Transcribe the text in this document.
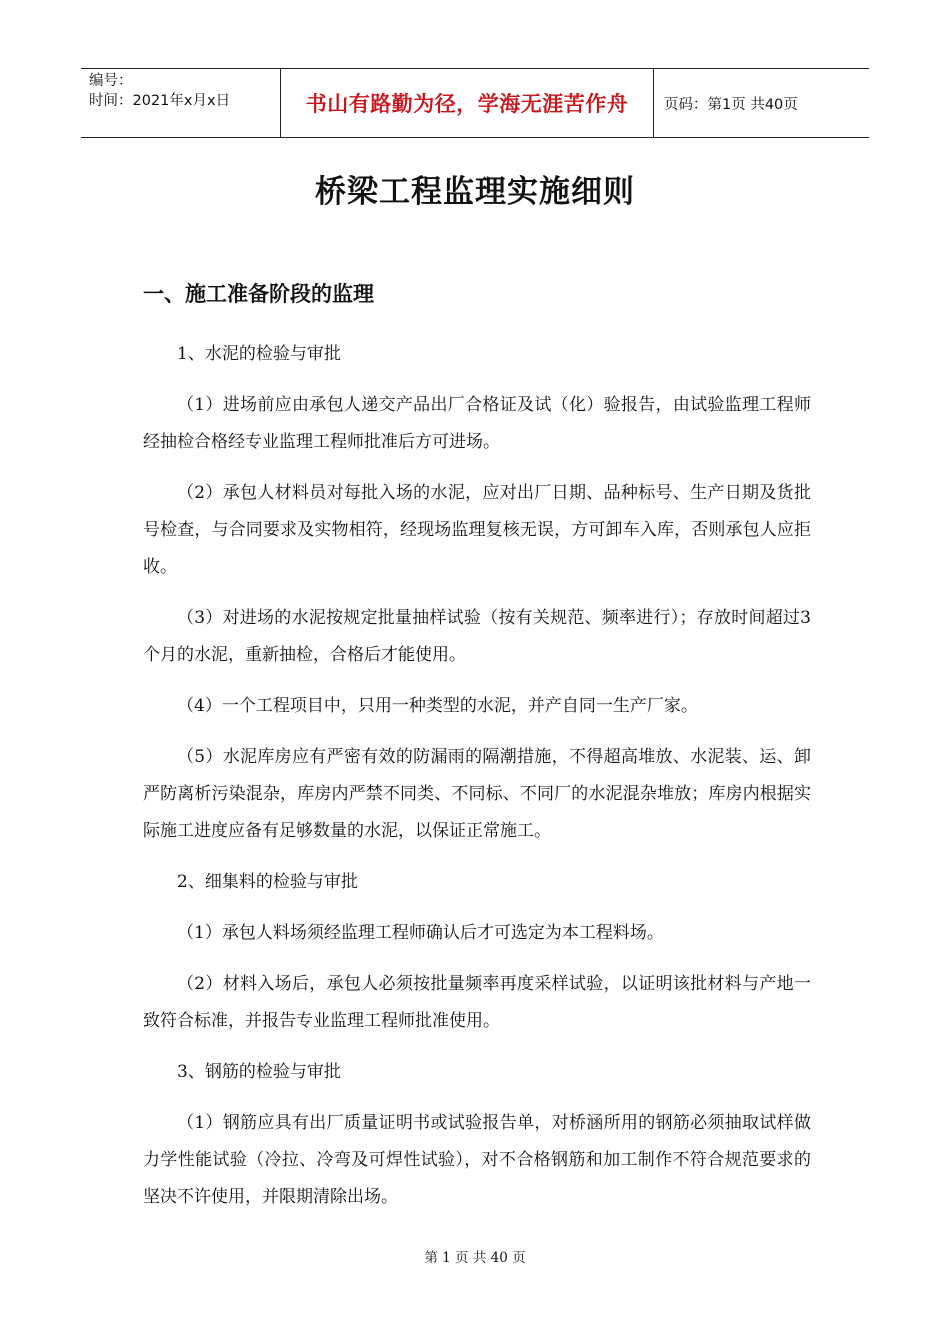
编号：
时间：2021年x月x日	书山有路勤为径，学海无涯苦作舟	页码：第1页 共40页
桥梁工程监理实施细则
一、施工准备阶段的监理

1、水泥的检验与审批

（1）进场前应由承包人递交产品出厂合格证及试（化）验报告，由试验监理工程师经抽检合格经专业监理工程师批准后方可进场。

（2）承包人材料员对每批入场的水泥，应对出厂日期、品种标号、生产日期及货批号检查，与合同要求及实物相符，经现场监理复核无误，方可卸车入库，否则承包人应拒收。

（3）对进场的水泥按规定批量抽样试验（按有关规范、频率进行）；存放时间超过3个月的水泥，重新抽检，合格后才能使用。

（4）一个工程项目中，只用一种类型的水泥，并产自同一生产厂家。

（5）水泥库房应有严密有效的防漏雨的隔潮措施，不得超高堆放、水泥装、运、卸严防离析污染混杂，库房内严禁不同类、不同标、不同厂的水泥混杂堆放；库房内根据实际施工进度应备有足够数量的水泥，以保证正常施工。

2、细集料的检验与审批

（1）承包人料场须经监理工程师确认后才可选定为本工程料场。

（2）材料入场后，承包人必须按批量频率再度采样试验，以证明该批材料与产地一致符合标准，并报告专业监理工程师批准使用。

3、钢筋的检验与审批

（1）钢筋应具有出厂质量证明书或试验报告单，对桥涵所用的钢筋必须抽取试样做力学性能试验（冷拉、冷弯及可焊性试验），对不合格钢筋和加工制作不符合规范要求的坚决不许使用，并限期清除出场。

第 1 页 共 40 页
